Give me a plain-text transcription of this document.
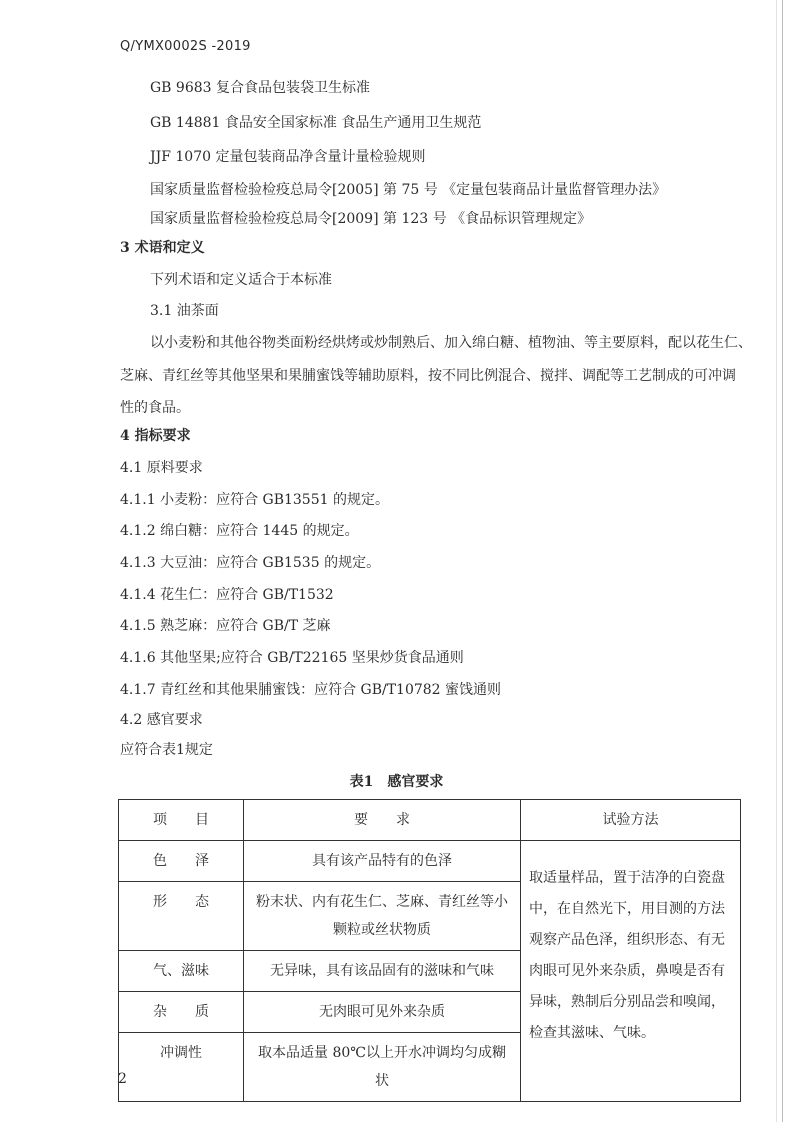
Q/YMX0002S -2019
GB 9683 复合食品包装袋卫生标准
GB 14881 食品安全国家标准 食品生产通用卫生规范
JJF 1070 定量包装商品净含量计量检验规则
国家质量监督检验检疫总局令[2005] 第 75 号 《定量包装商品计量监督管理办法》
国家质量监督检验检疫总局令[2009] 第 123 号 《食品标识管理规定》
3 术语和定义
下列术语和定义适合于本标准
3.1 油茶面
以小麦粉和其他谷物类面粉经烘烤或炒制熟后、加入绵白糖、植物油、等主要原料，配以花生仁、
芝麻、青红丝等其他坚果和果脯蜜饯等辅助原料，按不同比例混合、搅拌、调配等工艺制成的可冲调
性的食品。
4 指标要求
4.1 原料要求
4.1.1 小麦粉：应符合 GB13551 的规定。
4.1.2 绵白糖：应符合 1445 的规定。
4.1.3 大豆油：应符合 GB1535 的规定。
4.1.4 花生仁：应符合 GB/T1532
4.1.5 熟芝麻：应符合 GB/T 芝麻
4.1.6 其他坚果;应符合 GB/T22165 坚果炒货食品通则
4.1.7 青红丝和其他果脯蜜饯：应符合 GB/T10782 蜜饯通则
4.2 感官要求
应符合表1规定
表1　感官要求
项　　目	要　　求	试验方法
色　　泽	具有该产品特有的色泽	取适量样品，置于洁净的白瓷盘中，在自然光下，用目测的方法观察产品色泽，组织形态、有无肉眼可见外来杂质，鼻嗅是否有异味，熟制后分别品尝和嗅闻，检查其滋味、气味。
形　　态	粉末状、内有花生仁、芝麻、青红丝等小颗粒或丝状物质	
气、滋味	无异味，具有该品固有的滋味和气味	
杂　　质	无肉眼可见外来杂质	
冲调性	取本品适量 80℃以上开水冲调均匀成糊状	
2
